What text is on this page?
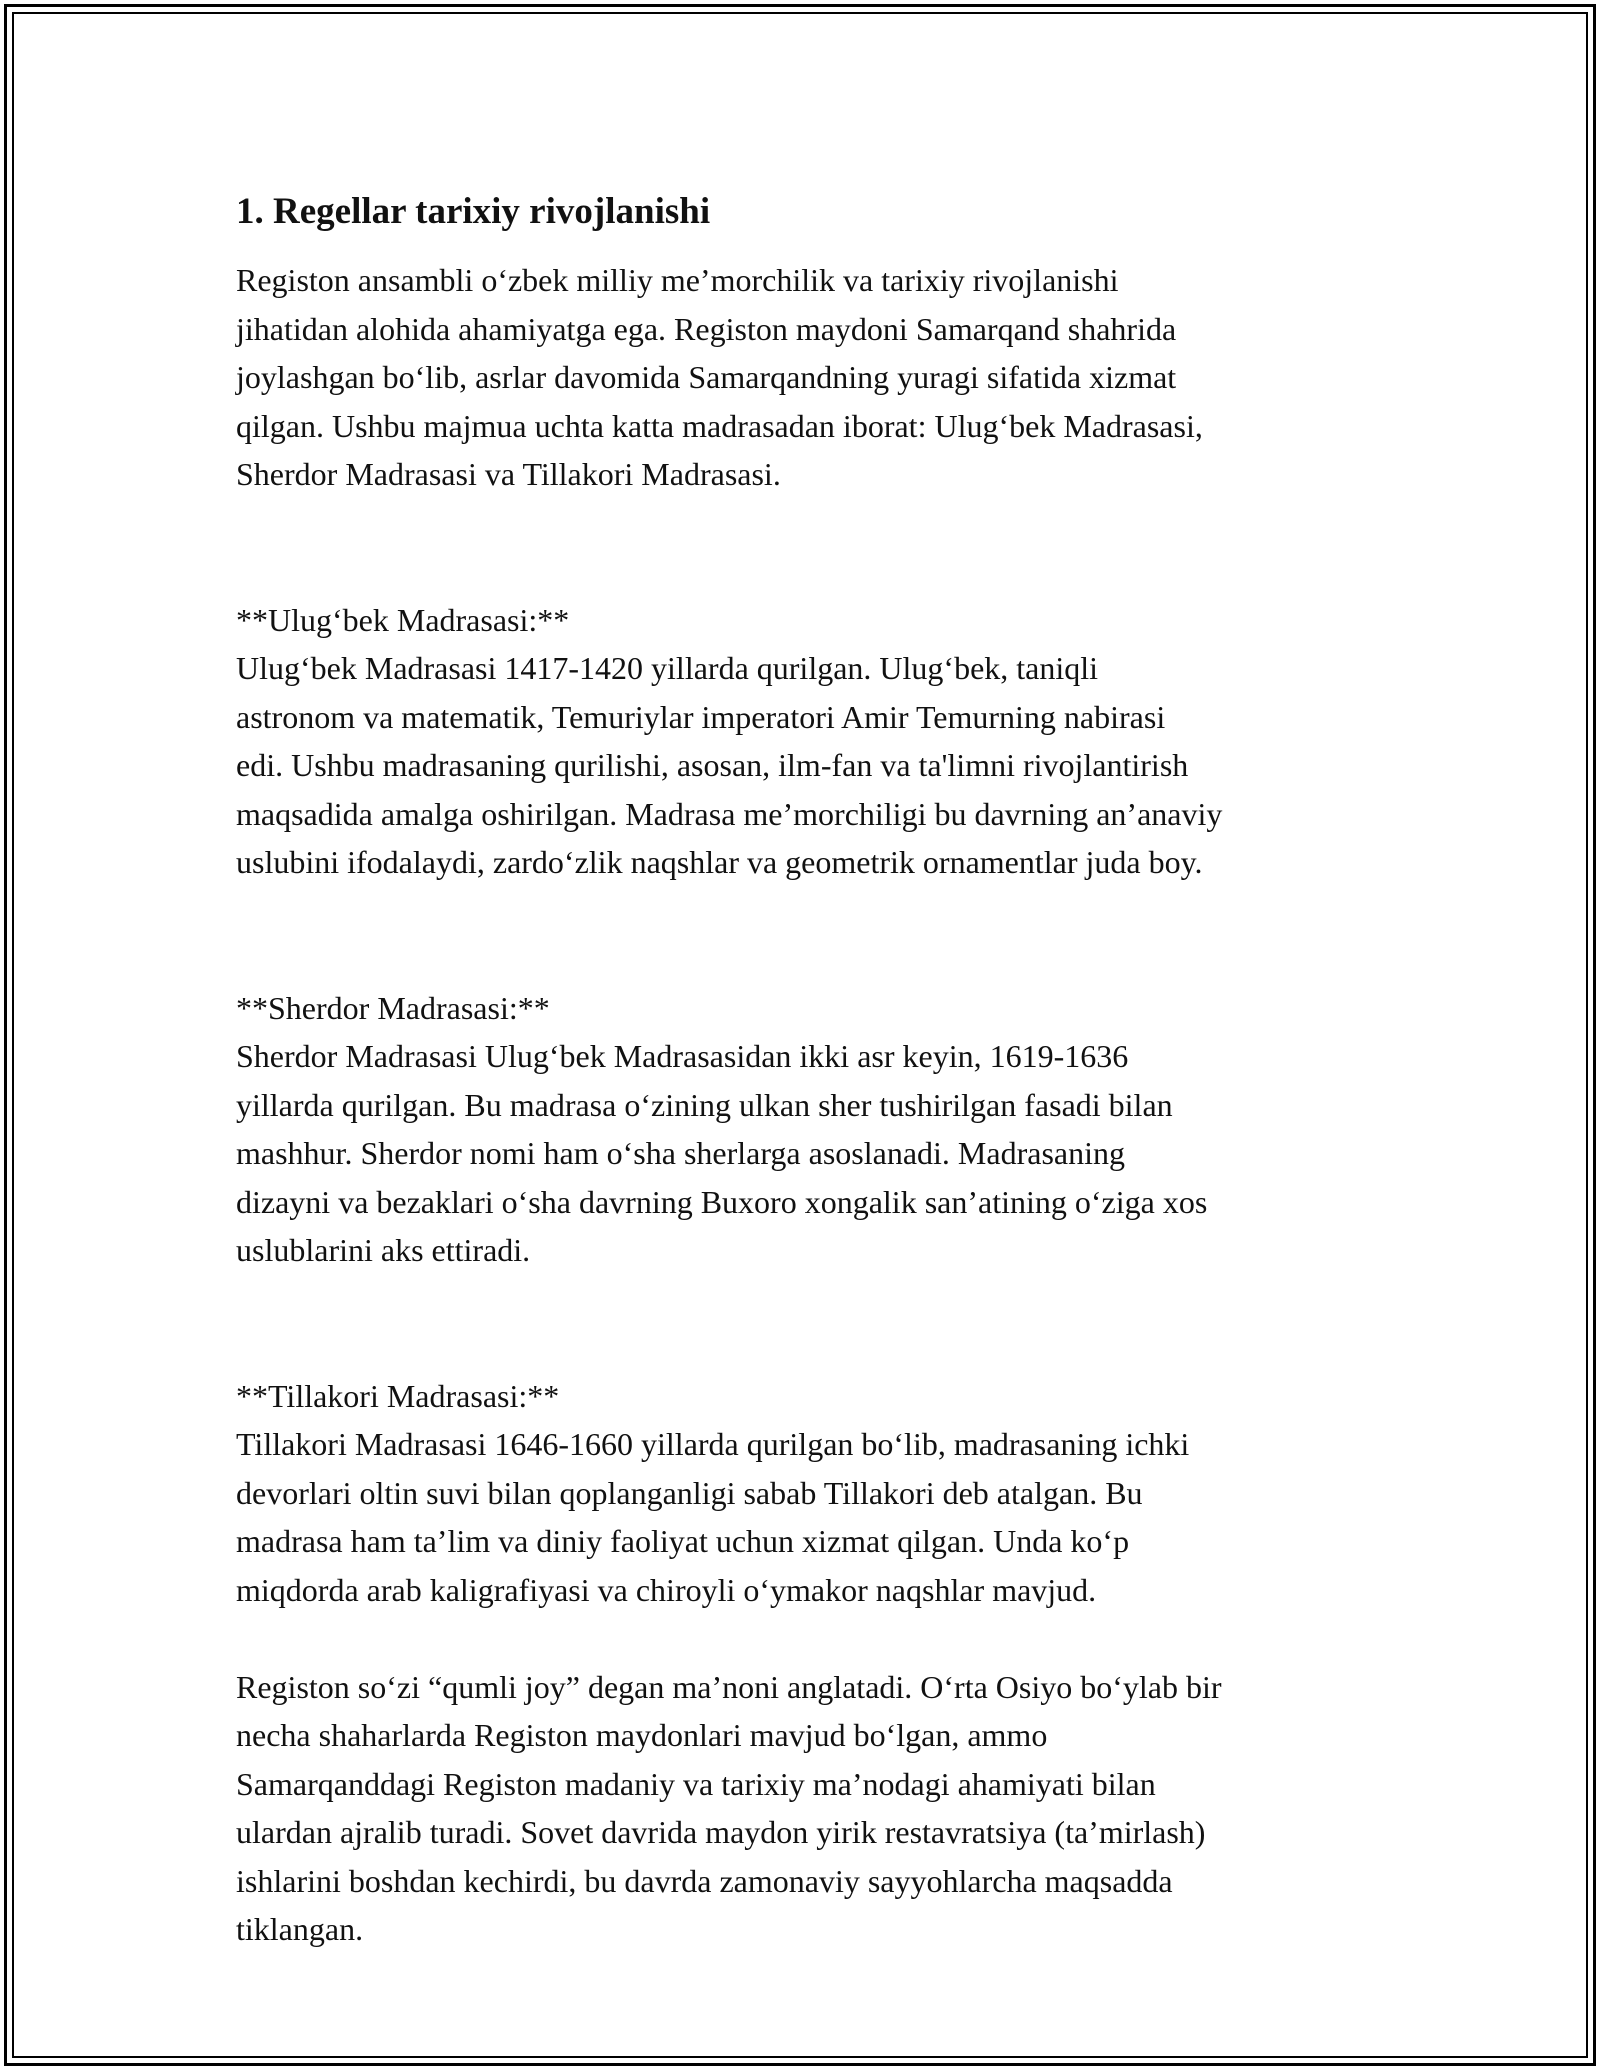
1. Regellar tarixiy rivojlanishi

Registon ansambli o‘zbek milliy me’morchilik va tarixiy rivojlanishi
jihatidan alohida ahamiyatga ega. Registon maydoni Samarqand shahrida
joylashgan bo‘lib, asrlar davomida Samarqandning yuragi sifatida xizmat
qilgan. Ushbu majmua uchta katta madrasadan iborat: Ulug‘bek Madrasasi,
Sherdor Madrasasi va Tillakori Madrasasi.

**Ulug‘bek Madrasasi:**
Ulug‘bek Madrasasi 1417-1420 yillarda qurilgan. Ulug‘bek, taniqli
astronom va matematik, Temuriylar imperatori Amir Temurning nabirasi
edi. Ushbu madrasaning qurilishi, asosan, ilm-fan va ta'limni rivojlantirish
maqsadida amalga oshirilgan. Madrasa me’morchiligi bu davrning an’anaviy
uslubini ifodalaydi, zardo‘zlik naqshlar va geometrik ornamentlar juda boy.

**Sherdor Madrasasi:**
Sherdor Madrasasi Ulug‘bek Madrasasidan ikki asr keyin, 1619-1636
yillarda qurilgan. Bu madrasa o‘zining ulkan sher tushirilgan fasadi bilan
mashhur. Sherdor nomi ham o‘sha sherlarga asoslanadi. Madrasaning
dizayni va bezaklari o‘sha davrning Buxoro xongalik san’atining o‘ziga xos
uslublarini aks ettiradi.

**Tillakori Madrasasi:**
Tillakori Madrasasi 1646-1660 yillarda qurilgan bo‘lib, madrasaning ichki
devorlari oltin suvi bilan qoplanganligi sabab Tillakori deb atalgan. Bu
madrasa ham ta’lim va diniy faoliyat uchun xizmat qilgan. Unda ko‘p
miqdorda arab kaligrafiyasi va chiroyli o‘ymakor naqshlar mavjud.

Registon so‘zi “qumli joy” degan ma’noni anglatadi. O‘rta Osiyo bo‘ylab bir
necha shaharlarda Registon maydonlari mavjud bo‘lgan, ammo
Samarqanddagi Registon madaniy va tarixiy ma’nodagi ahamiyati bilan
ulardan ajralib turadi. Sovet davrida maydon yirik restavratsiya (ta’mirlash)
ishlarini boshdan kechirdi, bu davrda zamonaviy sayyohlarcha maqsadda
tiklangan.
